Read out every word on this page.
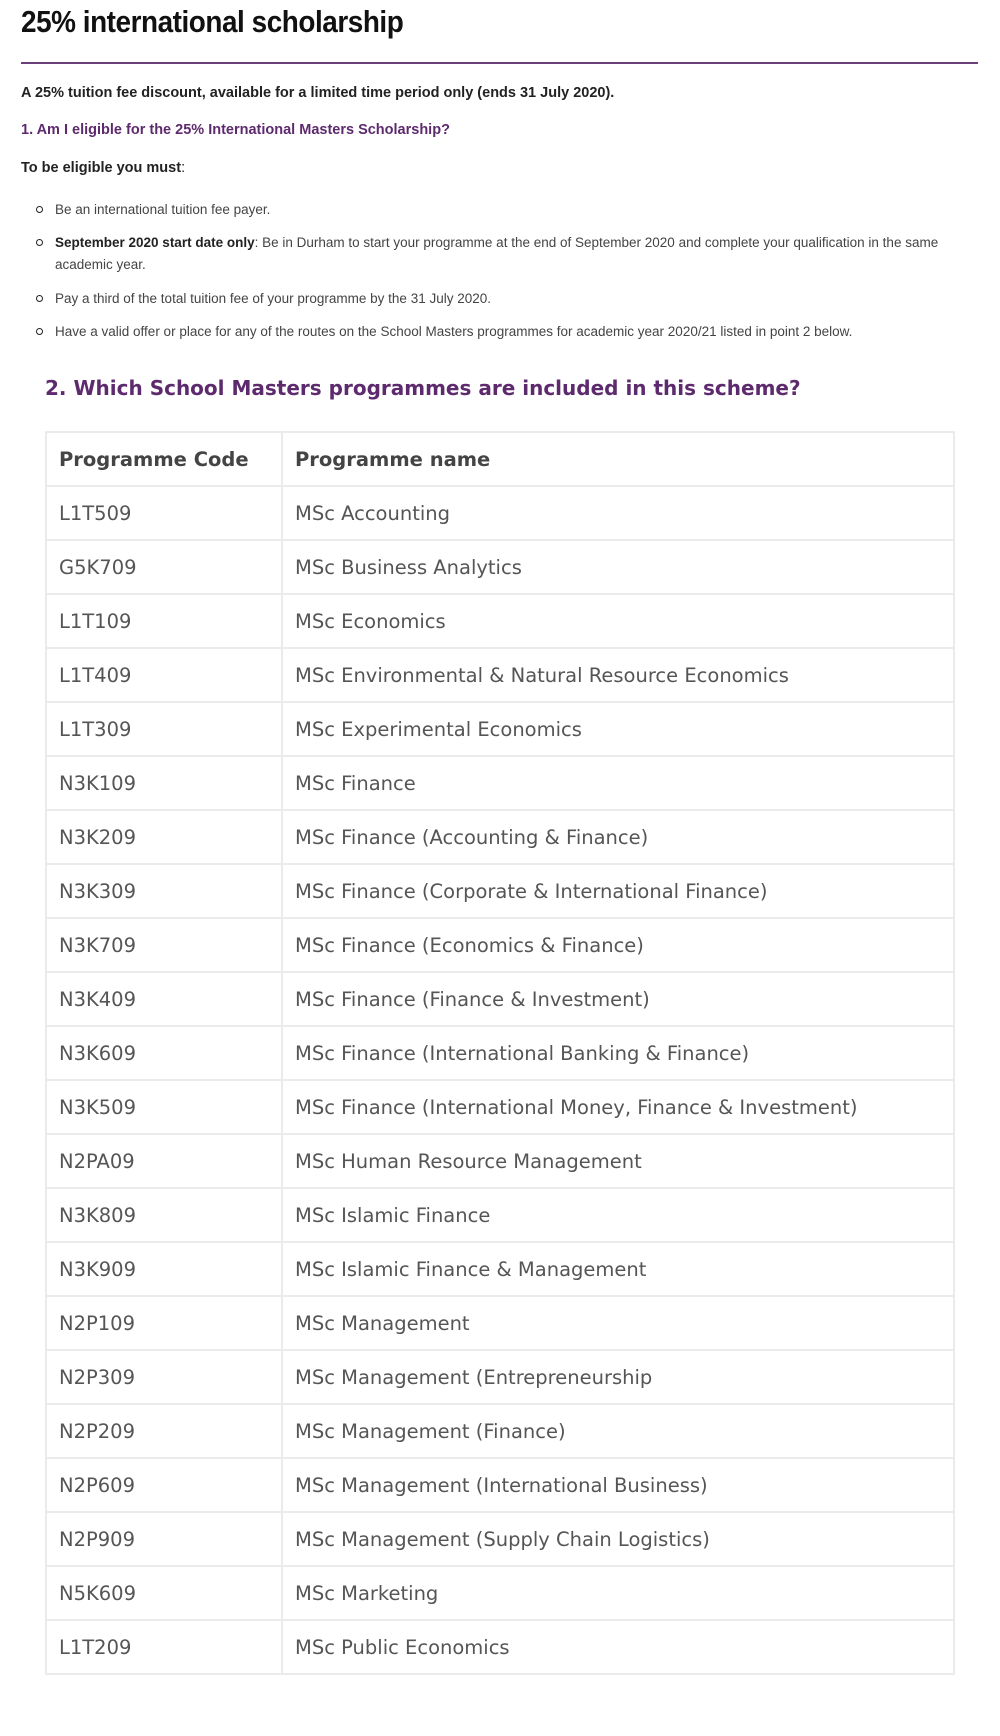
25% international scholarship
A 25% tuition fee discount, available for a limited time period only (ends 31 July 2020).
1. Am I eligible for the 25% International Masters Scholarship?
To be eligible you must:
Be an international tuition fee payer.
September 2020 start date only: Be in Durham to start your programme at the end of September 2020 and complete your qualification in the same academic year.
Pay a third of the total tuition fee of your programme by the 31 July 2020.
Have a valid offer or place for any of the routes on the School Masters programmes for academic year 2020/21 listed in point 2 below.
2. Which School Masters programmes are included in this scheme?
Programme Code	Programme name
L1T509	MSc Accounting
G5K709	MSc Business Analytics
L1T109	MSc Economics
L1T409	MSc Environmental & Natural Resource Economics
L1T309	MSc Experimental Economics
N3K109	MSc Finance
N3K209	MSc Finance (Accounting & Finance)
N3K309	MSc Finance (Corporate & International Finance)
N3K709	MSc Finance (Economics & Finance)
N3K409	MSc Finance (Finance & Investment)
N3K609	MSc Finance (International Banking & Finance)
N3K509	MSc Finance (International Money, Finance & Investment)
N2PA09	MSc Human Resource Management
N3K809	MSc Islamic Finance
N3K909	MSc Islamic Finance & Management
N2P109	MSc Management
N2P309	MSc Management (Entrepreneurship
N2P209	MSc Management (Finance)
N2P609	MSc Management (International Business)
N2P909	MSc Management (Supply Chain Logistics)
N5K609	MSc Marketing
L1T209	MSc Public Economics
